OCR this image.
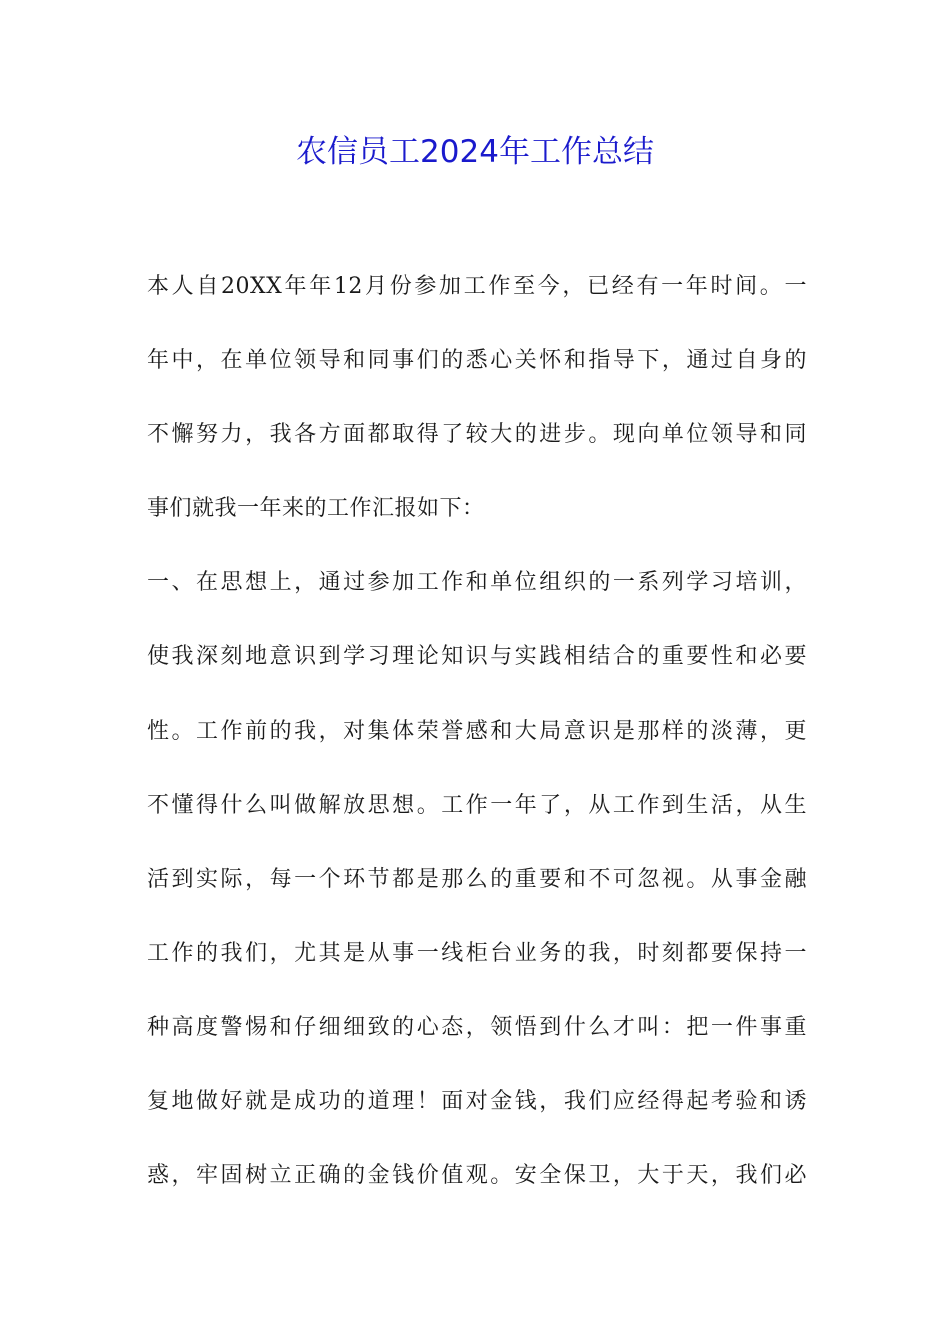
农信员工2024年工作总结
本人自20XX年年12月份参加工作至今，已经有一年时间。一
年中，在单位领导和同事们的悉心关怀和指导下，通过自身的
不懈努力，我各方面都取得了较大的进步。现向单位领导和同
事们就我一年来的工作汇报如下：
一、在思想上，通过参加工作和单位组织的一系列学习培训，
使我深刻地意识到学习理论知识与实践相结合的重要性和必要
性。工作前的我，对集体荣誉感和大局意识是那样的淡薄，更
不懂得什么叫做解放思想。工作一年了，从工作到生活，从生
活到实际，每一个环节都是那么的重要和不可忽视。从事金融
工作的我们，尤其是从事一线柜台业务的我，时刻都要保持一
种高度警惕和仔细细致的心态，领悟到什么才叫：把一件事重
复地做好就是成功的道理！面对金钱，我们应经得起考验和诱
惑，牢固树立正确的金钱价值观。安全保卫，大于天，我们必
